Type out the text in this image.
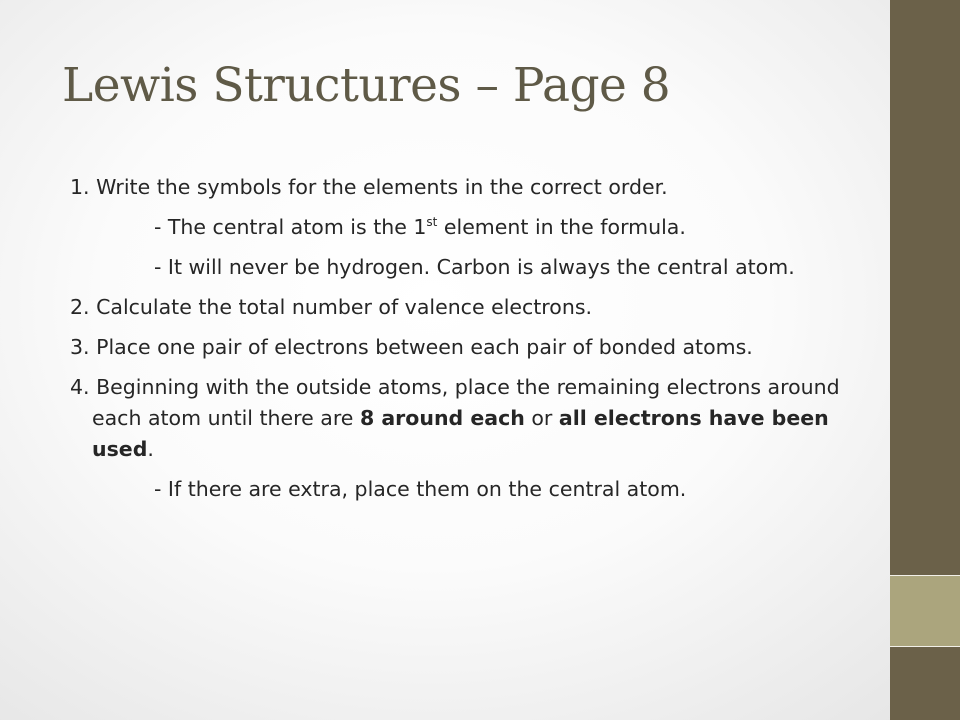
Lewis Structures – Page 8

1. Write the symbols for the elements in the correct order.

- The central atom is the 1st element in the formula.

- It will never be hydrogen. Carbon is always the central atom.

2. Calculate the total number of valence electrons.

3. Place one pair of electrons between each pair of bonded atoms.

4. Beginning with the outside atoms, place the remaining electrons around each atom until there are 8 around each or all electrons have been used.

- If there are extra, place them on the central atom.
